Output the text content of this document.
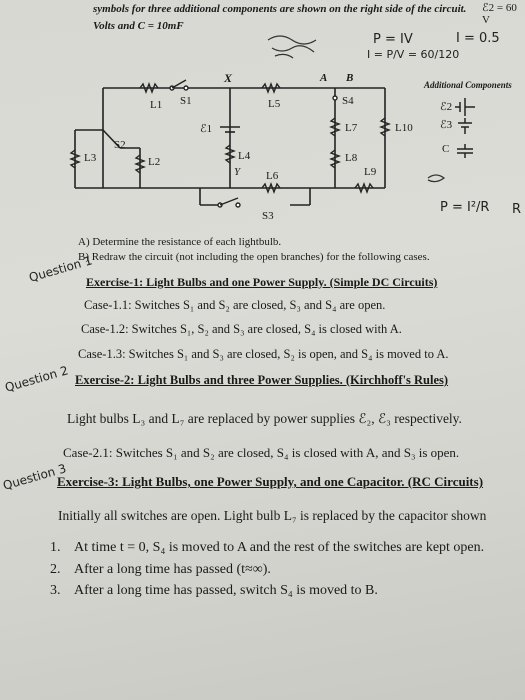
symbols for three additional components are shown on the right side of the circuit.
Volts and C = 10mF
ℰ2 = 60 V
X	A B
Y
L1 S1	L5	S4
S2
L3	L2
ℰ1
L4
L7	L10
L8
L6	L9
S3
Additional Components
ℰ2
ℰ3
C
P = IV
I = P/V = 60/120
I = 0.5
P = I²/R R
Question 1
Question 2
Question 3
A) Determine the resistance of each lightbulb.
B) Redraw the circuit (not including the open branches) for the following cases.
Exercise-1: Light Bulbs and one Power Supply. (Simple DC Circuits)
Case-1.1: Switches S₁ and S₂ are closed, S₃ and S₄ are open.
Case-1.2: Switches S₁, S₂ and S₃ are closed, S₄ is closed with A.
Case-1.3: Switches S₁ and S₃ are closed, S₂ is open, and S₄ is moved to A.
Exercise-2: Light Bulbs and three Power Supplies. (Kirchhoff's Rules)
Light bulbs L₃ and L₇ are replaced by power supplies ℰ₂, ℰ₃ respectively.
Case-2.1: Switches S₁ and S₂ are closed, S₄ is closed with A, and S₃ is open.
Exercise-3: Light Bulbs, one Power Supply, and one Capacitor. (RC Circuits)
Initially all switches are open. Light bulb L₇ is replaced by the capacitor shown
1. At time t = 0, S₄ is moved to A and the rest of the switches are kept open.
2. After a long time has passed (t≈∞).
3. After a long time has passed, switch S₄ is moved to B.
